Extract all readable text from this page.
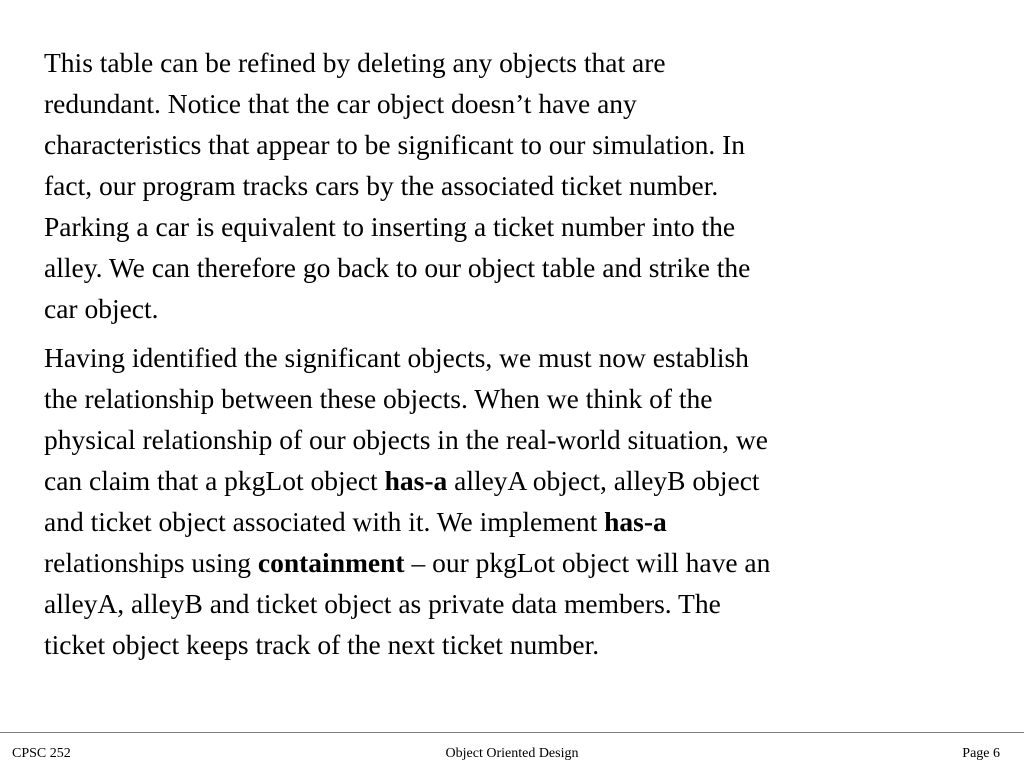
This table can be refined by deleting any objects that are
redundant. Notice that the car object doesn’t have any
characteristics that appear to be significant to our simulation. In
fact, our program tracks cars by the associated ticket number.
Parking a car is equivalent to inserting a ticket number into the
alley. We can therefore go back to our object table and strike the
car object.

Having identified the significant objects, we must now establish
the relationship between these objects. When we think of the
physical relationship of our objects in the real-world situation, we
can claim that a pkgLot object has-a alleyA object, alleyB object
and ticket object associated with it. We implement has-a
relationships using containment – our pkgLot object will have an
alleyA, alleyB and ticket object as private data members. The
ticket object keeps track of the next ticket number.

CPSC 252	Object Oriented Design	Page 6
